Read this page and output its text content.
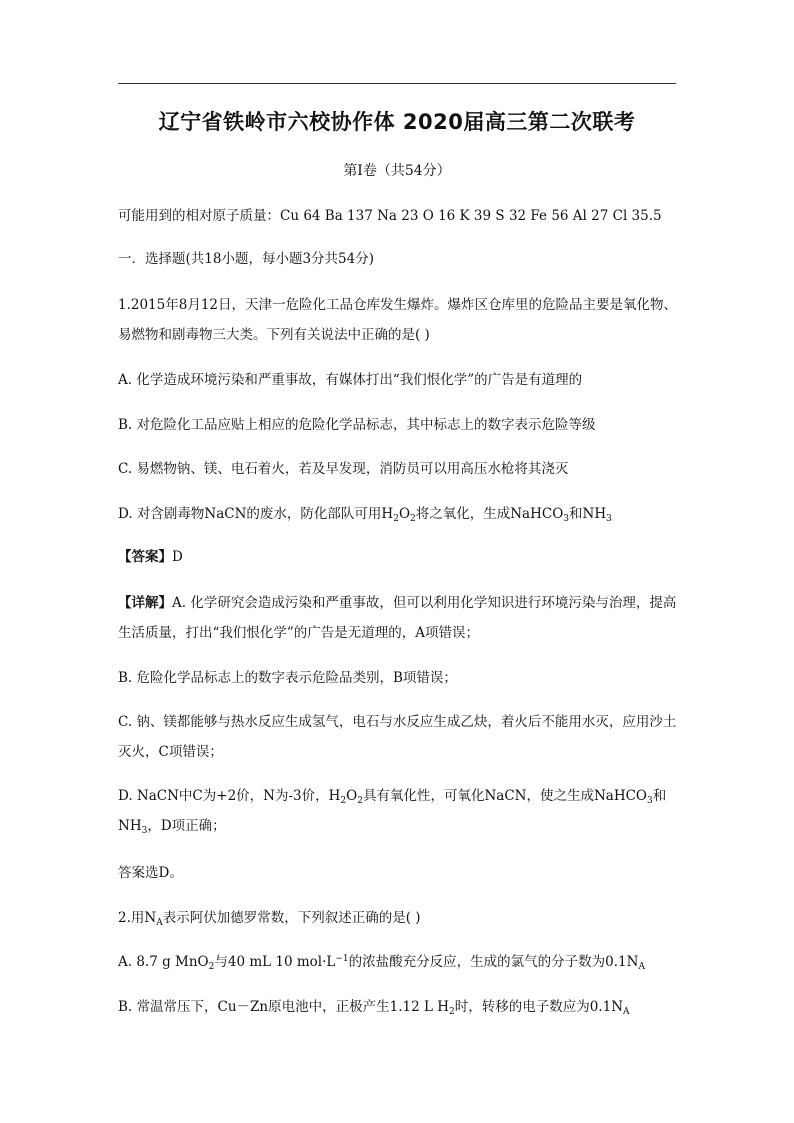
辽宁省铁岭市六校协作体 2020届高三第二次联考
第Ⅰ卷（共54分）
可能用到的相对原子质量：Cu 64 Ba 137 Na 23 O 16 K 39 S 32 Fe 56 Al 27 Cl 35.5
一．选择题(共18小题，每小题3分共54分)
1.2015年8月12日，天津一危险化工品仓库发生爆炸。爆炸区仓库里的危险品主要是氧化物、易燃物和剧毒物三大类。下列有关说法中正确的是( )
A. 化学造成环境污染和严重事故，有媒体打出“我们恨化学”的广告是有道理的
B. 对危险化工品应贴上相应的危险化学品标志，其中标志上的数字表示危险等级
C. 易燃物钠、镁、电石着火，若及早发现，消防员可以用高压水枪将其浇灭
D. 对含剧毒物NaCN的废水，防化部队可用$H_2O_2$将之氧化，生成NaHCO$_3$和$NH_3$
【答案】D
【详解】A. 化学研究会造成污染和严重事故，但可以利用化学知识进行环境污染与治理，提高生活质量，打出“我们恨化学”的广告是无道理的，A项错误；
B. 危险化学品标志上的数字表示危险品类别，B项错误；
C. 钠、镁都能够与热水反应生成氢气，电石与水反应生成乙炔，着火后不能用水灭，应用沙土灭火，C项错误；
D. NaCN中C为+2价，N为-3价，$H_2O_2$具有氧化性，可氧化NaCN，使之生成NaHCO$_3$和$NH_3$，D项正确；
答案选D。
2.用$N_A$表示阿伏加德罗常数，下列叙述正确的是( )
A. 8.7 g MnO$_2$与40 mL 10 $mol\cdot L^{-1}$的浓盐酸充分反应，生成的氯气的分子数为$0.1N_A$
B. 常温常压下，Cu－Zn原电池中，正极产生1.12 L $H_2$时，转移的电子数应为$0.1N_A$
